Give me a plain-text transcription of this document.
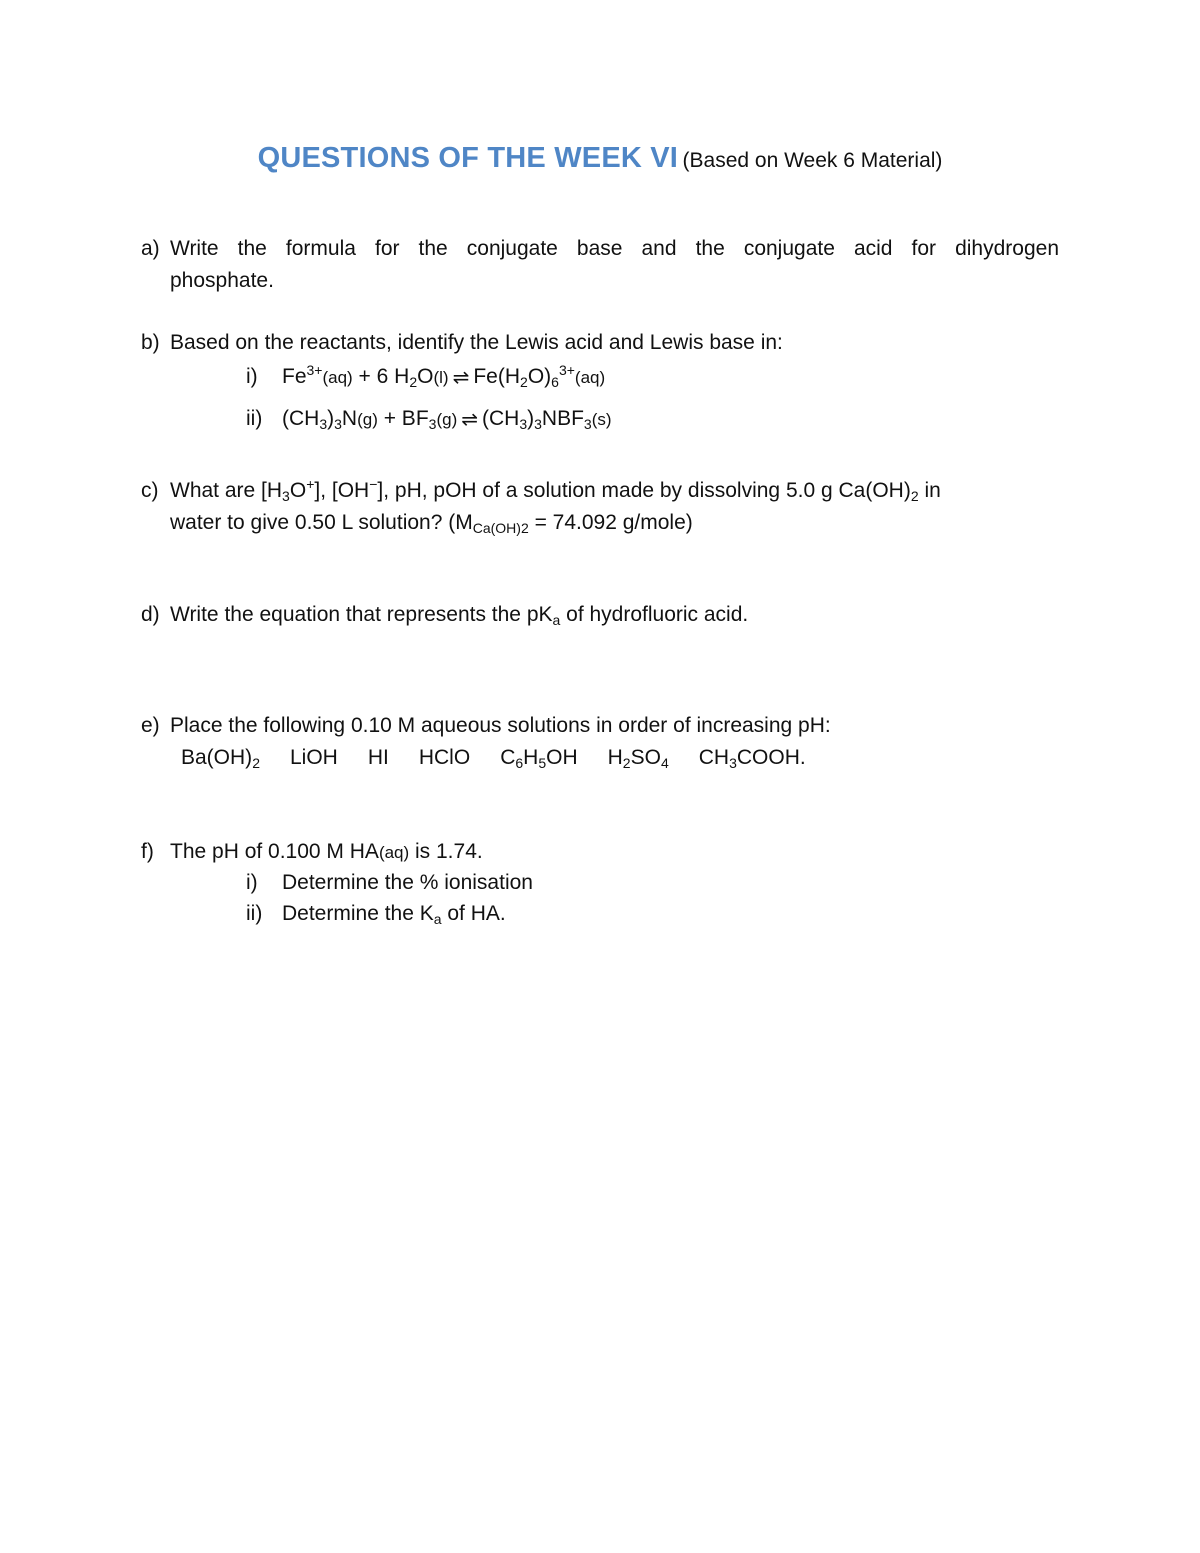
QUESTIONS OF THE WEEK VI (Based on Week 6 Material)
a) Write the formula for the conjugate base and the conjugate acid for dihydrogen
phosphate.
b) Based on the reactants, identify the Lewis acid and Lewis base in:
i) $Fe^{3+}(aq) + 6$ $H_2O(l)$ ⇌ $Fe(H_2O)_6^{3+}(aq)$
ii) $(CH_3)_3N(g) + BF_3(g)$ ⇌ $(CH_3)_3NBF_3(s)$
c) What are $[H_3O^+]$, [OH−], pH, pOH of a solution made by dissolving 5.0 g $Ca(OH)_2$ in
water to give 0.50 L solution? ($M_{Ca(OH)2} = 74.092$ g/mole)
d) Write the equation that represents the $pK_a$ of hydrofluoric acid.
e) Place the following 0.10 M aqueous solutions in order of increasing pH:
$Ba(OH)_2$ LiOH HI HClO $C_6H_5OH$ $H_2SO_4$ $CH_3COOH$.
f) The pH of 0.100 M HA(aq) is 1.74.
i) Determine the % ionisation
ii) Determine the $K_a$ of HA.
